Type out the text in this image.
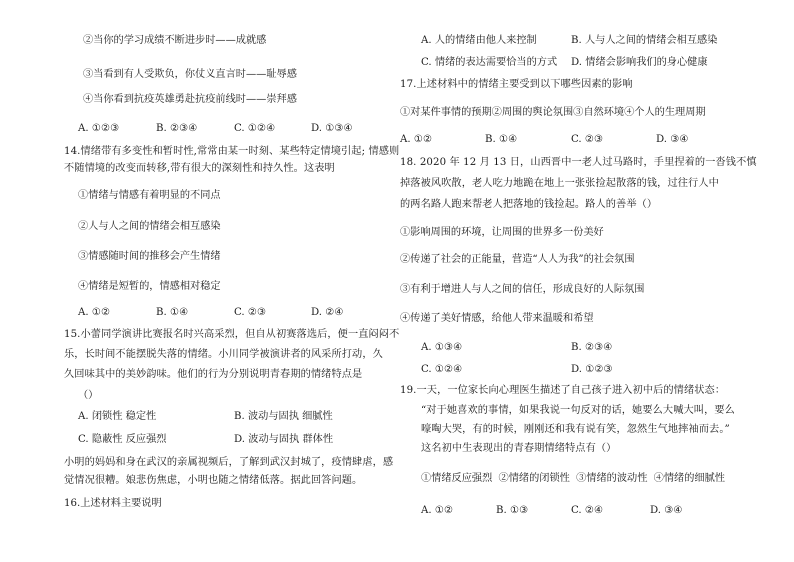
②当你的学习成绩不断进步时——成就感
③当看到有人受欺负，你仗义直言时——耻辱感
④当你看到抗疫英雄勇赴抗疫前线时——崇拜感
A. ①②③	B. ②③④	C. ①②④	D. ①③④
14.情绪带有多变性和暂时性,常常由某一时刻、某些特定情境引起; 情感则
不随情境的改变而转移,带有很大的深刻性和持久性。这表明
①情绪与情感有着明显的不同点
②人与人之间的情绪会相互感染
③情感随时间的推移会产生情绪
④情绪是短暂的，情感相对稳定
A. ①②	B. ①④	C. ②③	D. ②④
15.小蕾同学演讲比赛报名时兴高采烈，但自从初赛落选后，便一直闷闷不
乐，长时间不能摆脱失落的情绪。小川同学被演讲者的风采所打动，久
久回味其中的美妙韵味。他们的行为分别说明青春期的情绪特点是
（）
A. 闭锁性 稳定性	B. 波动与固执 细腻性
C. 隐蔽性 反应强烈	D. 波动与固执 群体性
小明的妈妈和身在武汉的亲属视频后，了解到武汉封城了，疫情肆虐，感
觉情况很糟。娘悲伤焦虑，小明也随之情绪低落。据此回答问题。
16.上述材料主要说明
A. 人的情绪由他人来控制	B. 人与人之间的情绪会相互感染
C. 情绪的表达需要恰当的方式 D. 情绪会影响我们的身心健康
17.上述材料中的情绪主要受到以下哪些因素的影响
①对某件事情的预期②周围的舆论氛围③自然环境④个人的生理周期
A. ①②	B. ①④	C. ②③	D. ③④
18. 2020 年 12 月 13 日，山西晋中一老人过马路时，手里捏着的一沓钱不慎
掉落被风吹散，老人吃力地跪在地上一张张捡起散落的钱，过往行人中
的两名路人跑来帮老人把落地的钱捡起。路人的善举（）
①影响周围的环境，让周围的世界多一份美好
②传递了社会的正能量，营造“人人为我”的社会氛围
③有利于增进人与人之间的信任，形成良好的人际氛围
④传递了美好情感，给他人带来温暖和希望
A. ①③④	B. ②③④
C. ①②④	D. ①②③
19.一天，一位家长向心理医生描述了自己孩子进入初中后的情绪状态：
“对于她喜欢的事情，如果我说一句反对的话，她要么大喊大叫，要么
嚎啕大哭，有的时候，刚刚还和我有说有笑，忽然生气地摔袖而去。”
这名初中生表现出的青春期情绪特点有（）
①情绪反应强烈 ②情绪的闭锁性 ③情绪的波动性 ④情绪的细腻性
A. ①②	B. ①③	C. ②④	D. ③④
